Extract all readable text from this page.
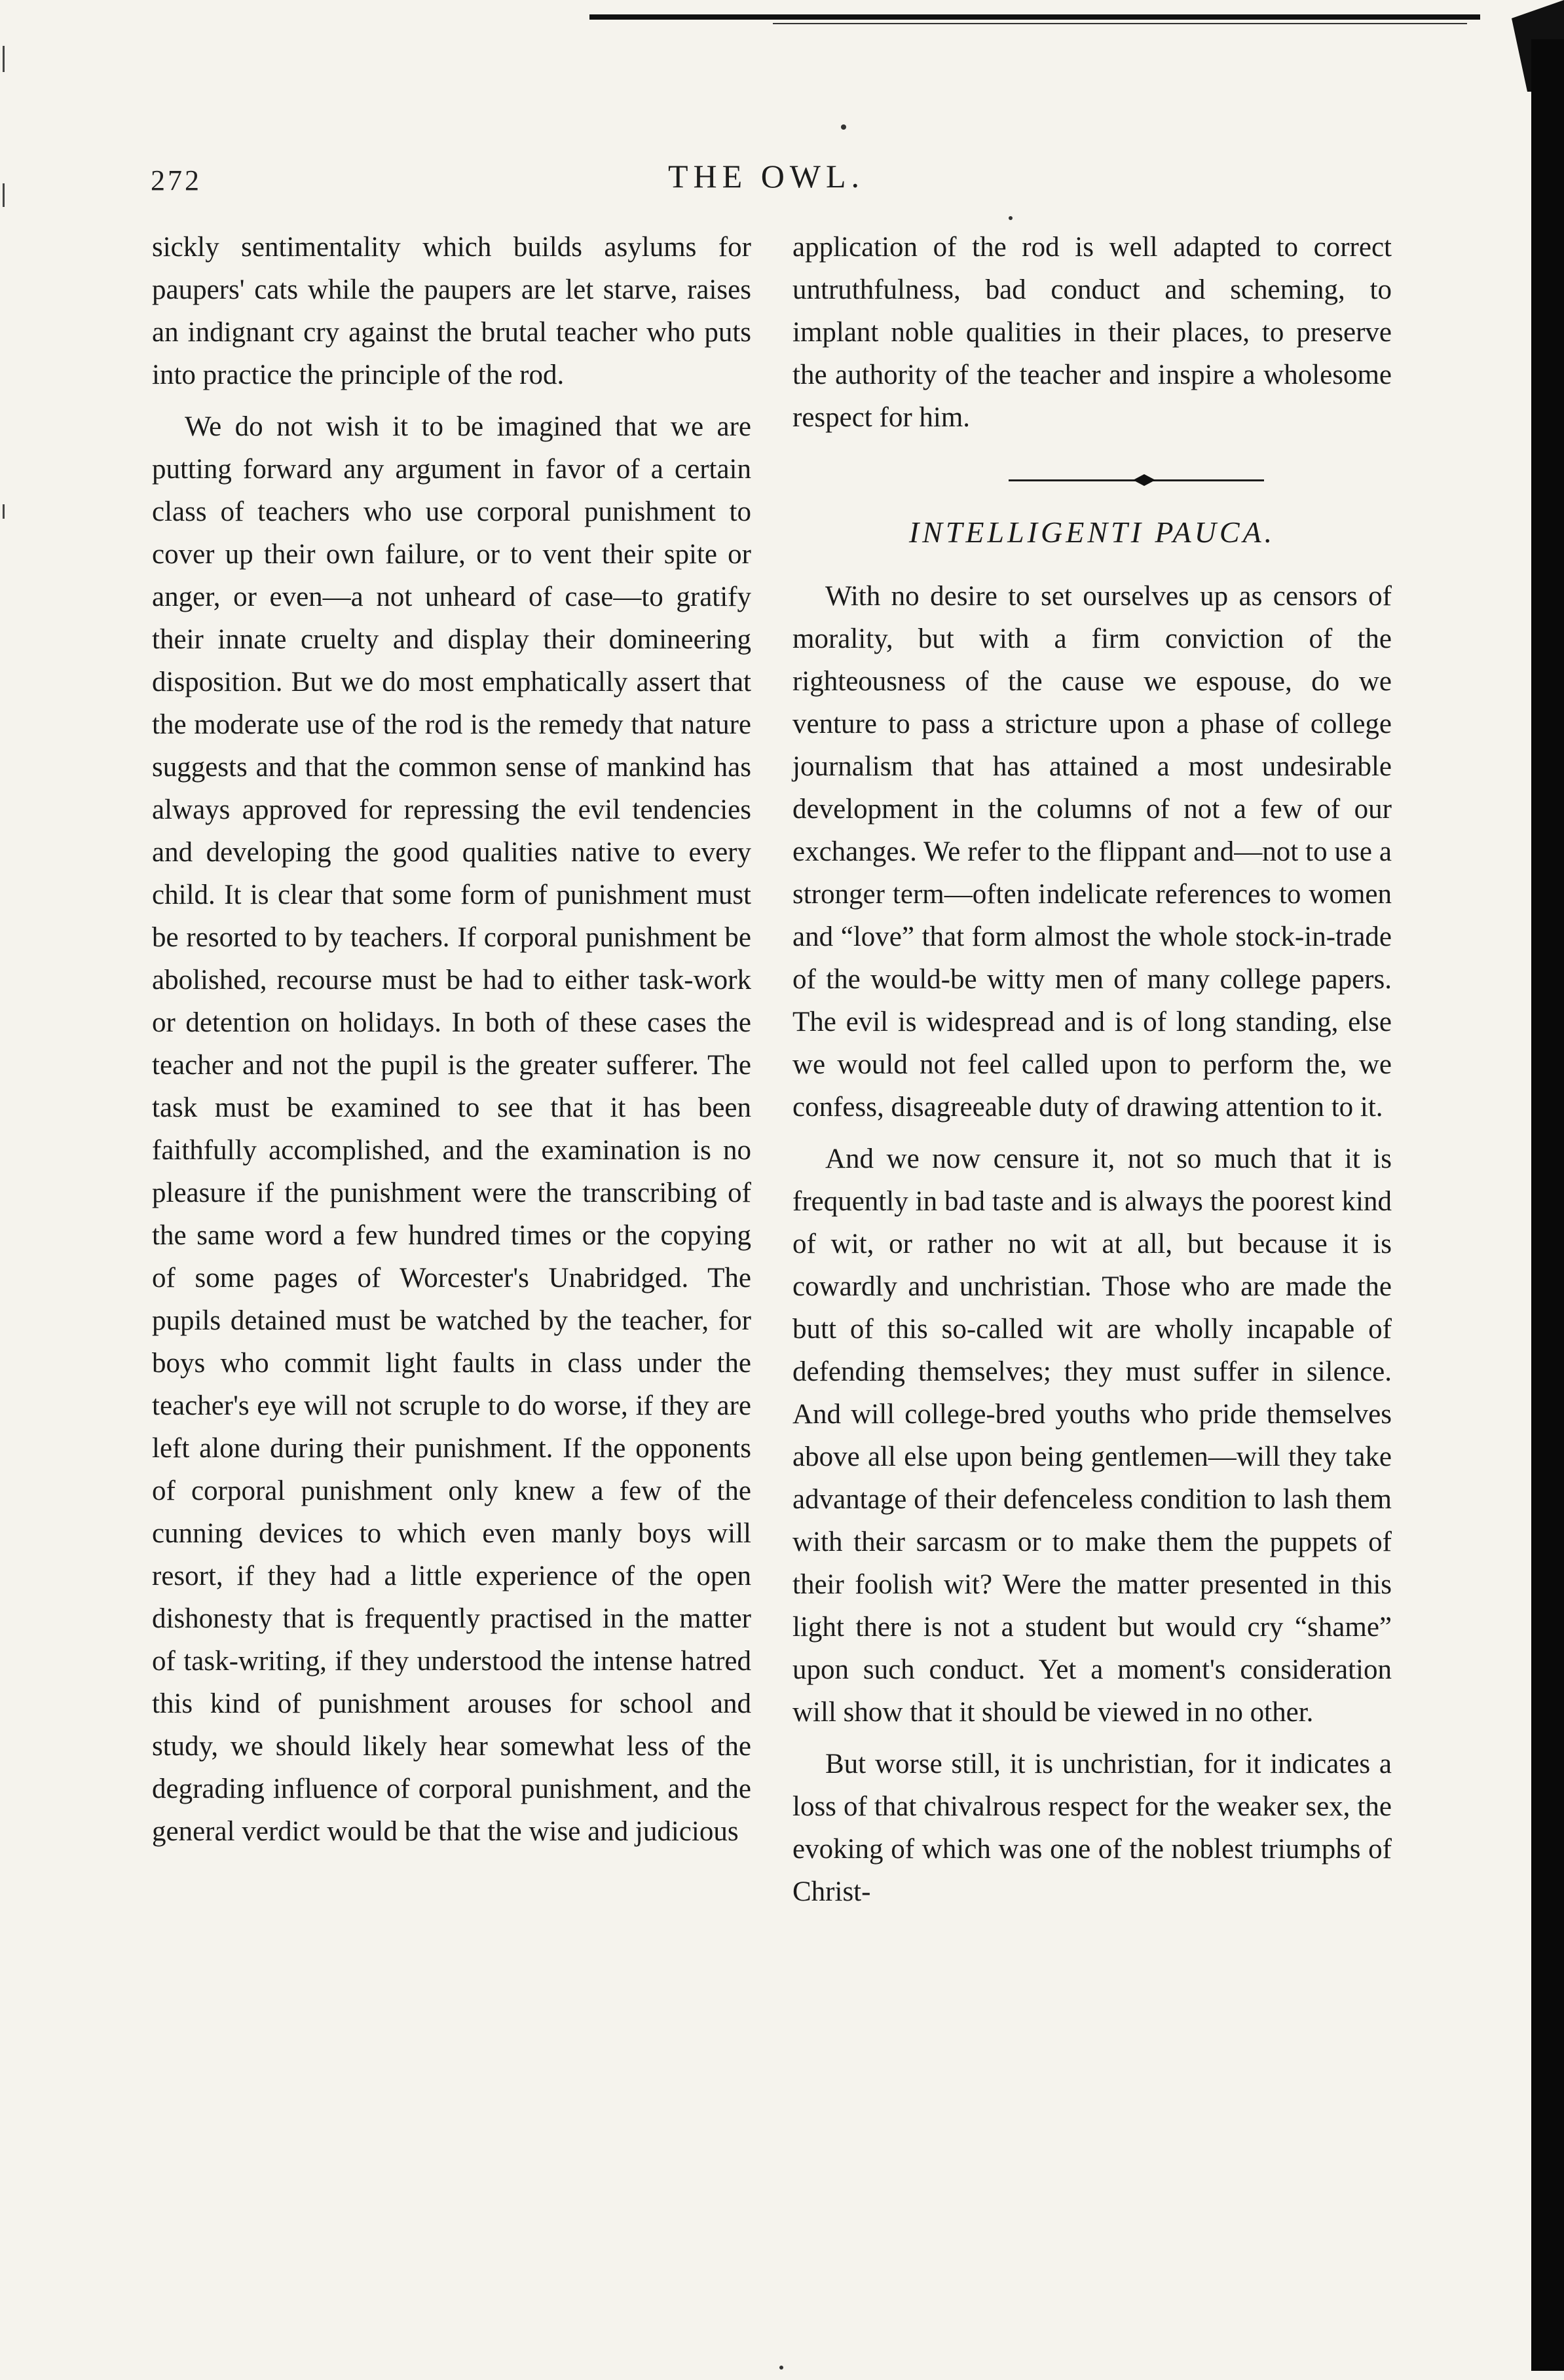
272	THE OWL.

sickly sentimentality which builds asylums for paupers' cats while the paupers are let starve, raises an indignant cry against the brutal teacher who puts into practice the principle of the rod.

We do not wish it to be imagined that we are putting forward any argument in favor of a certain class of teachers who use corporal punishment to cover up their own failure, or to vent their spite or anger, or even—a not unheard of case—to gratify their innate cruelty and display their domineering disposition. But we do most emphatically assert that the moderate use of the rod is the remedy that nature suggests and that the common sense of mankind has always approved for repressing the evil tendencies and developing the good qualities native to every child. It is clear that some form of punishment must be resorted to by teachers. If corporal punishment be abolished, recourse must be had to either task-work or detention on holidays. In both of these cases the teacher and not the pupil is the greater sufferer. The task must be examined to see that it has been faithfully accomplished, and the examination is no pleasure if the punishment were the transcribing of the same word a few hundred times or the copying of some pages of Worcester's Unabridged. The pupils detained must be watched by the teacher, for boys who commit light faults in class under the teacher's eye will not scruple to do worse, if they are left alone during their punishment. If the opponents of corporal punishment only knew a few of the cunning devices to which even manly boys will resort, if they had a little experience of the open dishonesty that is frequently practised in the matter of task-writing, if they understood the intense hatred this kind of punishment arouses for school and study, we should likely hear somewhat less of the degrading influence of corporal punishment, and the general verdict would be that the wise and judicious

application of the rod is well adapted to correct untruthfulness, bad conduct and scheming, to implant noble qualities in their places, to preserve the authority of the teacher and inspire a wholesome respect for him.

INTELLIGENTI PAUCA.

With no desire to set ourselves up as censors of morality, but with a firm conviction of the righteousness of the cause we espouse, do we venture to pass a stricture upon a phase of college journalism that has attained a most undesirable development in the columns of not a few of our exchanges. We refer to the flippant and—not to use a stronger term—often indelicate references to women and “love” that form almost the whole stock-in-trade of the would-be witty men of many college papers. The evil is widespread and is of long standing, else we would not feel called upon to perform the, we confess, disagreeable duty of drawing attention to it.

And we now censure it, not so much that it is frequently in bad taste and is always the poorest kind of wit, or rather no wit at all, but because it is cowardly and unchristian. Those who are made the butt of this so-called wit are wholly incapable of defending themselves; they must suffer in silence. And will college-bred youths who pride themselves above all else upon being gentlemen—will they take advantage of their defenceless condition to lash them with their sarcasm or to make them the puppets of their foolish wit? Were the matter presented in this light there is not a student but would cry “shame” upon such conduct. Yet a moment's consideration will show that it should be viewed in no other.

But worse still, it is unchristian, for it indicates a loss of that chivalrous respect for the weaker sex, the evoking of which was one of the noblest triumphs of Christ-
